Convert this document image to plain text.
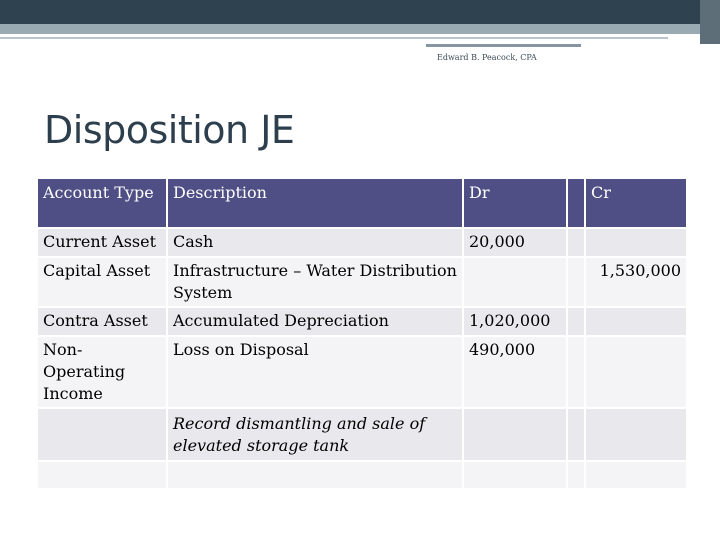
Edward B. Peacock, CPA
Disposition JE
Account Type	Description	Dr		Cr
Current Asset	Cash	20,000		
Capital Asset	Infrastructure – Water Distribution System			1,530,000
Contra Asset	Accumulated Depreciation	1,020,000		
Non-Operating Income	Loss on Disposal	490,000		
	Record dismantling and sale of elevated storage tank			
